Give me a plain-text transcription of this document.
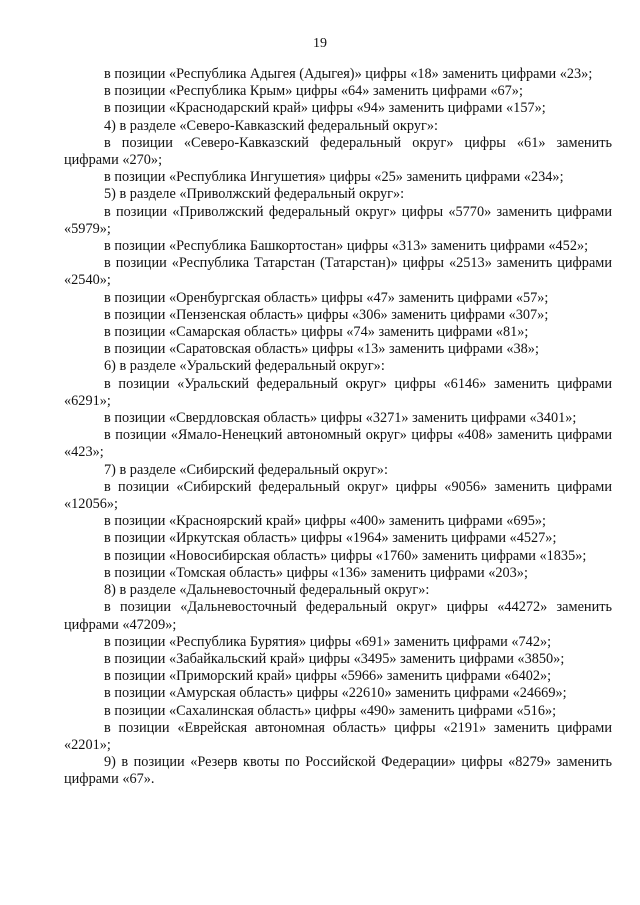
19

в позиции «Республика Адыгея (Адыгея)» цифры «18» заменить цифрами «23»;

в позиции «Республика Крым» цифры «64» заменить цифрами «67»;

в позиции «Краснодарский край» цифры «94» заменить цифрами «157»;

4) в разделе «Северо-Кавказский федеральный округ»:

в позиции «Северо-Кавказский федеральный округ» цифры «61» заменить цифрами «270»;

в позиции «Республика Ингушетия» цифры «25» заменить цифрами «234»;

5) в разделе «Приволжский федеральный округ»:

в позиции «Приволжский федеральный округ» цифры «5770» заменить цифрами «5979»;

в позиции «Республика Башкортостан» цифры «313» заменить цифрами «452»;

в позиции «Республика Татарстан (Татарстан)» цифры «2513» заменить цифрами «2540»;

в позиции «Оренбургская область» цифры «47» заменить цифрами «57»;

в позиции «Пензенская область» цифры «306» заменить цифрами «307»;

в позиции «Самарская область» цифры «74» заменить цифрами «81»;

в позиции «Саратовская область» цифры «13» заменить цифрами «38»;

6) в разделе «Уральский федеральный округ»:

в позиции «Уральский федеральный округ» цифры «6146» заменить цифрами «6291»;

в позиции «Свердловская область» цифры «3271» заменить цифрами «3401»;

в позиции «Ямало-Ненецкий автономный округ» цифры «408» заменить цифрами «423»;

7) в разделе «Сибирский федеральный округ»:

в позиции «Сибирский федеральный округ» цифры «9056» заменить цифрами «12056»;

в позиции «Красноярский край» цифры «400» заменить цифрами «695»;

в позиции «Иркутская область» цифры «1964» заменить цифрами «4527»;

в позиции «Новосибирская область» цифры «1760» заменить цифрами «1835»;

в позиции «Томская область» цифры «136» заменить цифрами «203»;

8) в разделе «Дальневосточный федеральный округ»:

в позиции «Дальневосточный федеральный округ» цифры «44272» заменить цифрами «47209»;

в позиции «Республика Бурятия» цифры «691» заменить цифрами «742»;

в позиции «Забайкальский край» цифры «3495» заменить цифрами «3850»;

в позиции «Приморский край» цифры «5966» заменить цифрами «6402»;

в позиции «Амурская область» цифры «22610» заменить цифрами «24669»;

в позиции «Сахалинская область» цифры «490» заменить цифрами «516»;

в позиции «Еврейская автономная область» цифры «2191» заменить цифрами «2201»;

9) в позиции «Резерв квоты по Российской Федерации» цифры «8279» заменить цифрами «67».
